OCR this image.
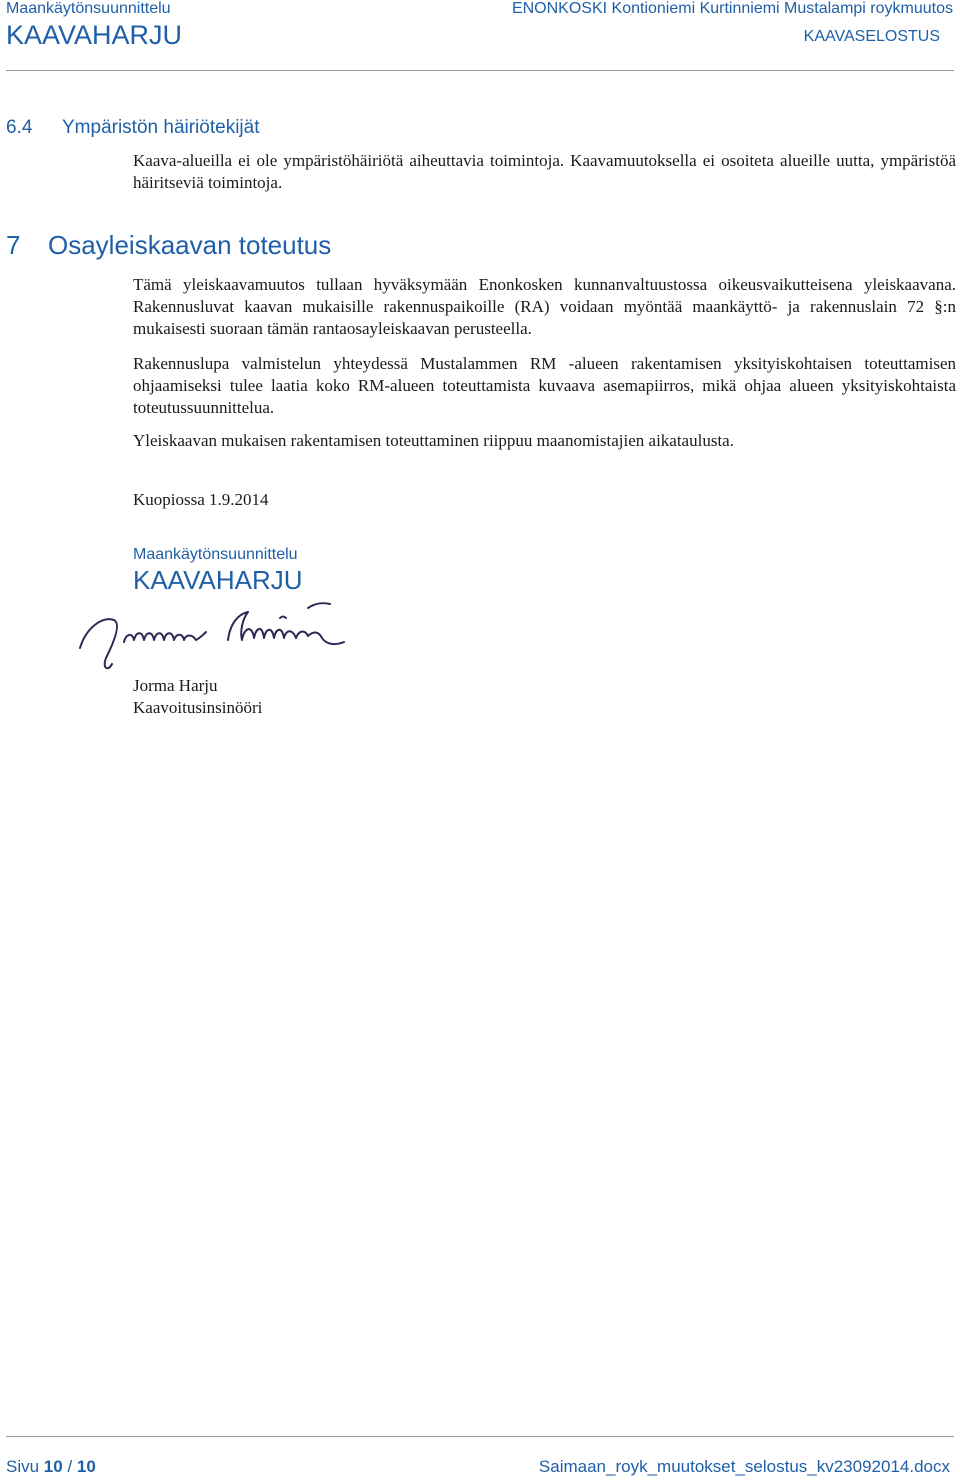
Maankäytönsuunnittelu
KAAVAHARJU
ENONKOSKI Kontioniemi Kurtinniemi Mustalampi roykmuutos
KAAVASELOSTUS
6.4 Ympäristön häiriötekijät

Kaava-alueilla ei ole ympäristöhäiriötä aiheuttavia toimintoja. Kaavamuutoksella ei osoiteta alueille uutta, ympäristöä häiritseviä toimintoja.

7 Osayleiskaavan toteutus

Tämä yleiskaavamuutos tullaan hyväksymään Enonkosken kunnanvaltuustossa oikeusvaikutteisena yleiskaavana. Rakennusluvat kaavan mukaisille rakennuspaikoille (RA) voidaan myöntää maankäyttö- ja rakennuslain 72 §:n mukaisesti suoraan tämän rantaosayleiskaavan perusteella.

Rakennuslupa valmistelun yhteydessä Mustalammen RM -alueen rakentamisen yksityiskohtaisen toteuttamisen ohjaamiseksi tulee laatia koko RM-alueen toteuttamista kuvaava asemapiirros, mikä ohjaa alueen yksityiskohtaista toteutussuunnittelua.

Yleiskaavan mukaisen rakentamisen toteuttaminen riippuu maanomistajien aikataulusta.

Kuopiossa 1.9.2014
Maankäytönsuunnittelu
KAAVAHARJU
Jorma Harju
Kaavoitusinsinööri
Sivu 10 / 10	Saimaan_royk_muutokset_selostus_kv23092014.docx
